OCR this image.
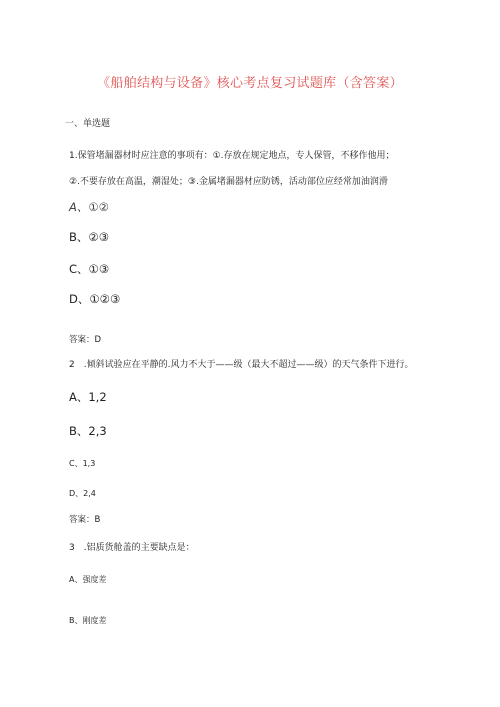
《船舶结构与设备》核心考点复习试题库（含答案）
一、单选题
1.保管堵漏器材时应注意的事项有：①.存放在规定地点，专人保管，不移作他用；
②.不要存放在高温，潮湿处；③.金属堵漏器材应防锈，活动部位应经常加油润滑
A、①②
B、②③
C、①③
D、①②③
答案：D
2　.倾斜试验应在平静的.风力不大于——级（最大不超过——级）的天气条件下进行。
A、1,2
B、2,3
C、1,3
D、2,4
答案：B
3　.铝质货舱盖的主要缺点是：
A、强度差
B、刚度差
